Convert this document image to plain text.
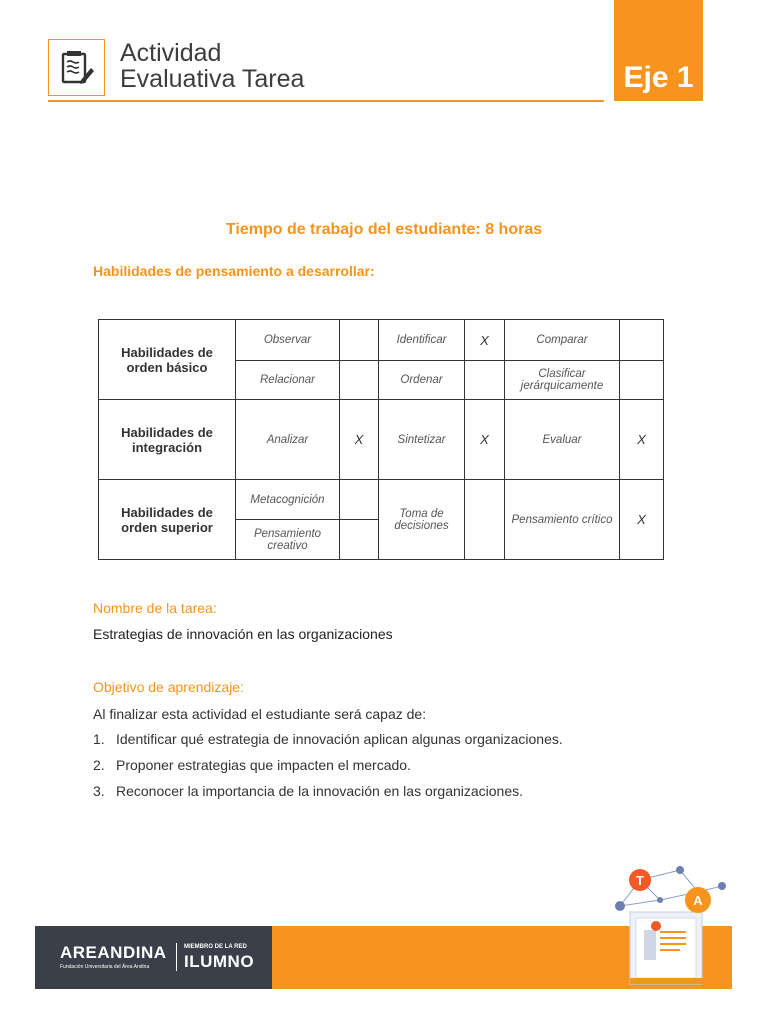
Actividad
Evaluativa Tarea	Eje 1
Tiempo de trabajo del estudiante: 8 horas
Habilidades de pensamiento a desarrollar:
Habilidades de orden básico	Observar		Identificar	X	Comparar	
	Relacionar		Ordenar		Clasificar jerárquicamente	
Habilidades de integración	Analizar	X	Sintetizar	X	Evaluar	X
Habilidades de orden superior	Metacognición		Toma de decisiones		Pensamiento crítico	X
	Pensamiento creativo					
Nombre de la tarea:
Estrategias de innovación en las organizaciones
Objetivo de aprendizaje:
Al finalizar esta actividad el estudiante será capaz de:
1. Identificar qué estrategia de innovación aplican algunas organizaciones.
2. Proponer estrategias que impacten el mercado.
3. Reconocer la importancia de la innovación en las organizaciones.
AREANDINA
Fundación Universitaria del Área Andina
MIEMBRO DE LA RED
ILUMNO
T
A
